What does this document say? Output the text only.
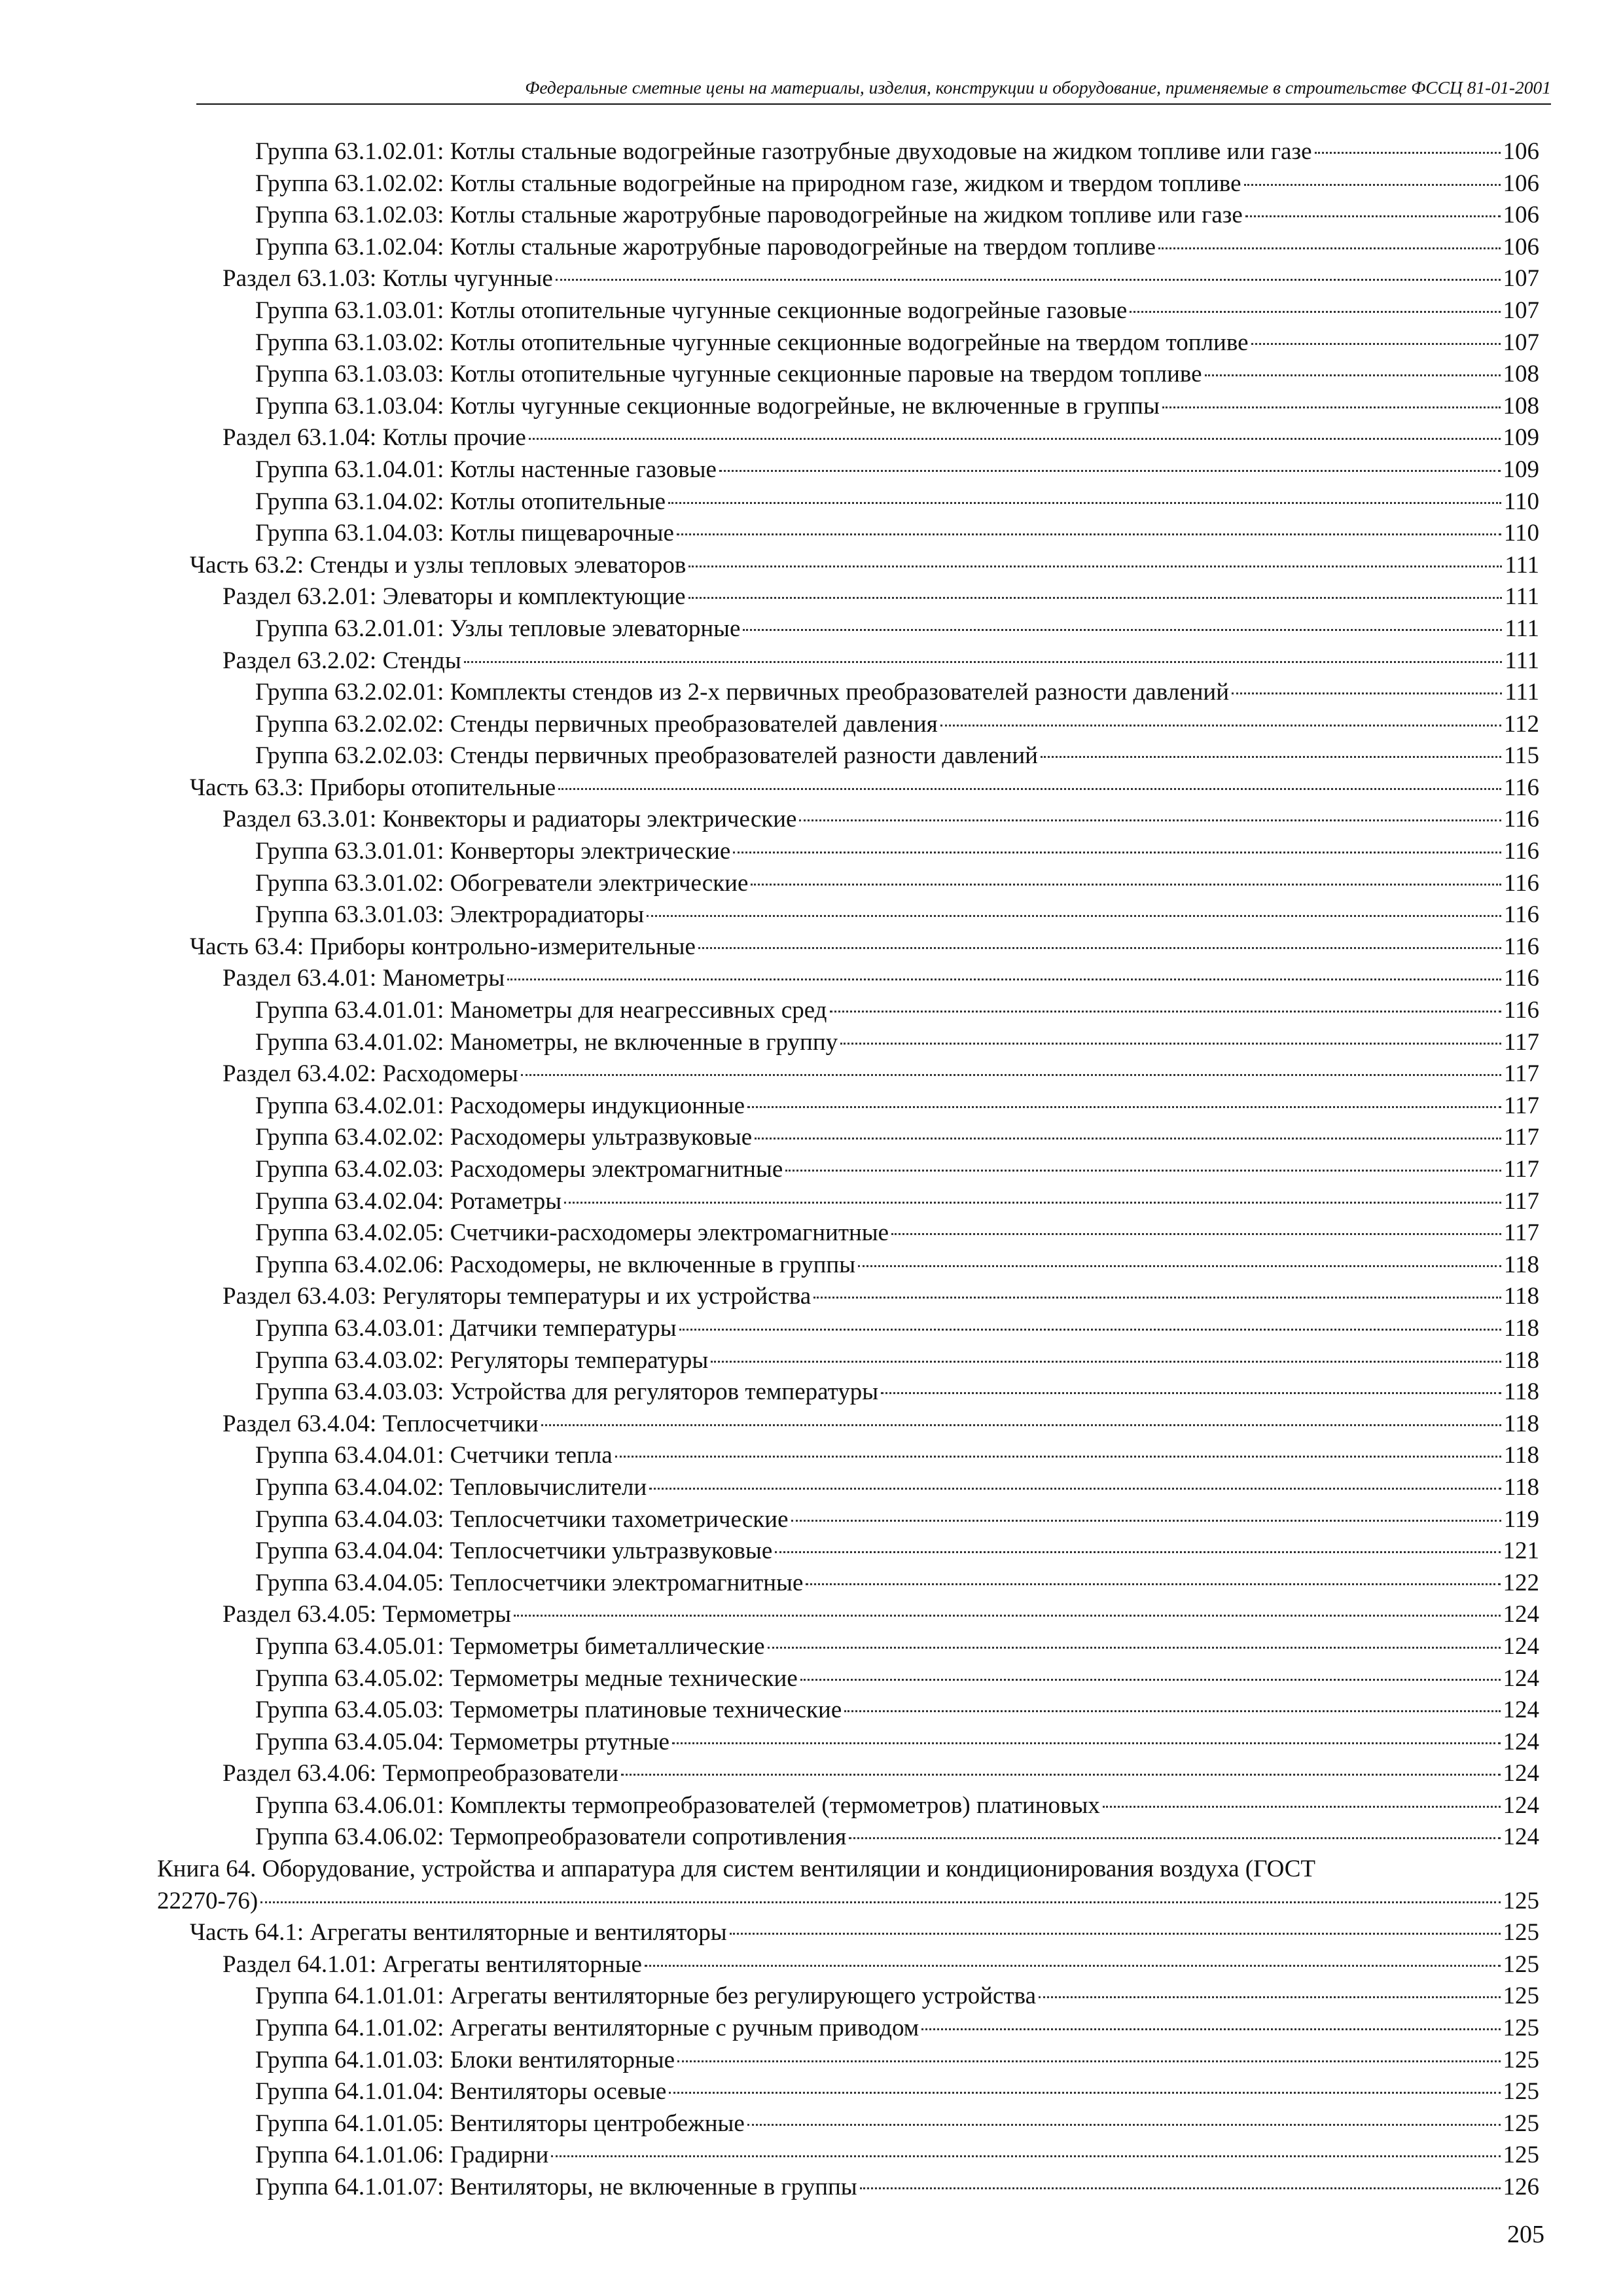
Федеральные сметные цены на материалы, изделия, конструкции и оборудование, применяемые в строительстве ФССЦ 81-01-2001
Группа 63.1.02.01: Котлы стальные водогрейные газотрубные двуходовые на жидком топливе или газе	106
Группа 63.1.02.02: Котлы стальные водогрейные на природном газе, жидком и твердом топливе	106
Группа 63.1.02.03: Котлы стальные жаротрубные пароводогрейные на жидком топливе или газе	106
Группа 63.1.02.04: Котлы стальные жаротрубные пароводогрейные на твердом топливе	106
Раздел 63.1.03: Котлы чугунные	107
Группа 63.1.03.01: Котлы отопительные чугунные секционные водогрейные газовые	107
Группа 63.1.03.02: Котлы отопительные чугунные секционные водогрейные на твердом топливе	107
Группа 63.1.03.03: Котлы отопительные чугунные секционные паровые на твердом топливе	108
Группа 63.1.03.04: Котлы чугунные секционные водогрейные, не включенные в группы	108
Раздел 63.1.04: Котлы прочие	109
Группа 63.1.04.01: Котлы настенные газовые	109
Группа 63.1.04.02: Котлы отопительные	110
Группа 63.1.04.03: Котлы пищеварочные	110
Часть 63.2: Стенды и узлы тепловых элеваторов	111
Раздел 63.2.01: Элеваторы и комплектующие	111
Группа 63.2.01.01: Узлы тепловые элеваторные	111
Раздел 63.2.02: Стенды	111
Группа 63.2.02.01: Комплекты стендов из 2-х первичных преобразователей разности давлений	111
Группа 63.2.02.02: Стенды первичных преобразователей давления	112
Группа 63.2.02.03: Стенды первичных преобразователей разности давлений	115
Часть 63.3: Приборы отопительные	116
Раздел 63.3.01: Конвекторы и радиаторы электрические	116
Группа 63.3.01.01: Конверторы электрические	116
Группа 63.3.01.02: Обогреватели электрические	116
Группа 63.3.01.03: Электрорадиаторы	116
Часть 63.4: Приборы контрольно-измерительные	116
Раздел 63.4.01: Манометры	116
Группа 63.4.01.01: Манометры для неагрессивных сред	116
Группа 63.4.01.02: Манометры, не включенные в группу	117
Раздел 63.4.02: Расходомеры	117
Группа 63.4.02.01: Расходомеры индукционные	117
Группа 63.4.02.02: Расходомеры ультразвуковые	117
Группа 63.4.02.03: Расходомеры электромагнитные	117
Группа 63.4.02.04: Ротаметры	117
Группа 63.4.02.05: Счетчики-расходомеры электромагнитные	117
Группа 63.4.02.06: Расходомеры, не включенные в группы	118
Раздел 63.4.03: Регуляторы температуры и их устройства	118
Группа 63.4.03.01: Датчики температуры	118
Группа 63.4.03.02: Регуляторы температуры	118
Группа 63.4.03.03: Устройства для регуляторов температуры	118
Раздел 63.4.04: Теплосчетчики	118
Группа 63.4.04.01: Счетчики тепла	118
Группа 63.4.04.02: Тепловычислители	118
Группа 63.4.04.03: Теплосчетчики тахометрические	119
Группа 63.4.04.04: Теплосчетчики ультразвуковые	121
Группа 63.4.04.05: Теплосчетчики электромагнитные	122
Раздел 63.4.05: Термометры	124
Группа 63.4.05.01: Термометры биметаллические	124
Группа 63.4.05.02: Термометры медные технические	124
Группа 63.4.05.03: Термометры платиновые технические	124
Группа 63.4.05.04: Термометры ртутные	124
Раздел 63.4.06: Термопреобразователи	124
Группа 63.4.06.01: Комплекты термопреобразователей (термометров) платиновых	124
Группа 63.4.06.02: Термопреобразователи сопротивления	124
Книга 64. Оборудование, устройства и аппаратура для систем вентиляции и кондиционирования воздуха (ГОСТ
22270-76)	125
Часть 64.1: Агрегаты вентиляторные и вентиляторы	125
Раздел 64.1.01: Агрегаты вентиляторные	125
Группа 64.1.01.01: Агрегаты вентиляторные без регулирующего устройства	125
Группа 64.1.01.02: Агрегаты вентиляторные с ручным приводом	125
Группа 64.1.01.03: Блоки вентиляторные	125
Группа 64.1.01.04: Вентиляторы осевые	125
Группа 64.1.01.05: Вентиляторы центробежные	125
Группа 64.1.01.06: Градирни	125
Группа 64.1.01.07: Вентиляторы, не включенные в группы	126
205
